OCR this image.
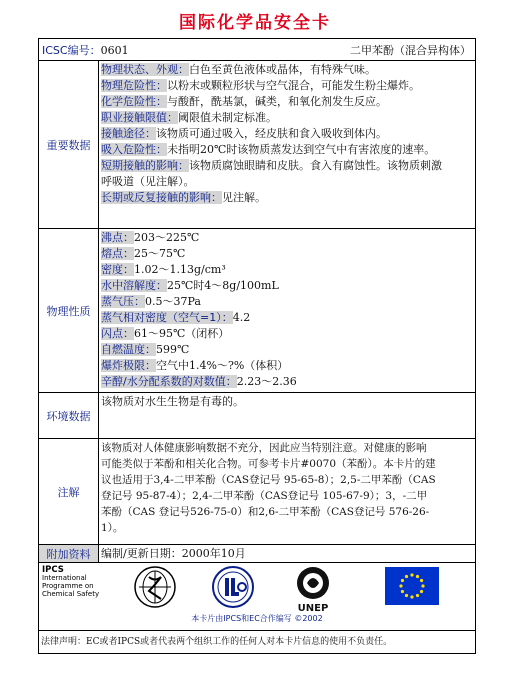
国际化学品安全卡
ICSC编号：0601	二甲苯酚（混合异构体）
重要数据
物理状态、外观：白色至黄色液体或晶体，有特殊气味。
物理危险性：以粉末或颗粒形状与空气混合，可能发生粉尘爆炸。
化学危险性：与酸酐，酰基氯，碱类，和氧化剂发生反应。
职业接触限值：阈限值未制定标准。
接触途径：该物质可通过吸入，经皮肤和食入吸收到体内。
吸入危险性：未指明20℃时该物质蒸发达到空气中有害浓度的速率。
短期接触的影响：该物质腐蚀眼睛和皮肤。食入有腐蚀性。该物质刺激
呼吸道（见注解）。
长期或反复接触的影响：见注解。
物理性质
沸点：203～225℃
熔点：25～75℃
密度：1.02～1.13g/cm³
水中溶解度：25℃时4～8g/100mL
蒸气压：0.5～37Pa
蒸气相对密度（空气=1）：4.2
闪点：61～95℃（闭杯）
自燃温度：599℃
爆炸极限：空气中1.4%～?%（体积）
辛醇/水分配系数的对数值：2.23～2.36
环境数据
该物质对水生生物是有毒的。
注解
该物质对人体健康影响数据不充分，因此应当特别注意。对健康的影响
可能类似于苯酚和相关化合物。可参考卡片#0070（苯酚）。本卡片的建
议也适用于3,4-二甲苯酚（CAS登记号 95-65-8）；2,5-二甲苯酚（CAS
登记号 95-87-4）；2,4-二甲苯酚（CAS登记号 105-67-9）；3，-二甲
苯酚（CAS 登记号526-75-0）和2,6-二甲苯酚（CAS登记号 576-26-
1）。
附加资料 编制/更新日期：2000年10月
IPCS
International
Programme on
Chemical Safety
UNEP
本卡片由IPCS和EC合作编写 ©2002
法律声明：EC或者IPCS或者代表两个组织工作的任何人对本卡片信息的使用不负责任。
